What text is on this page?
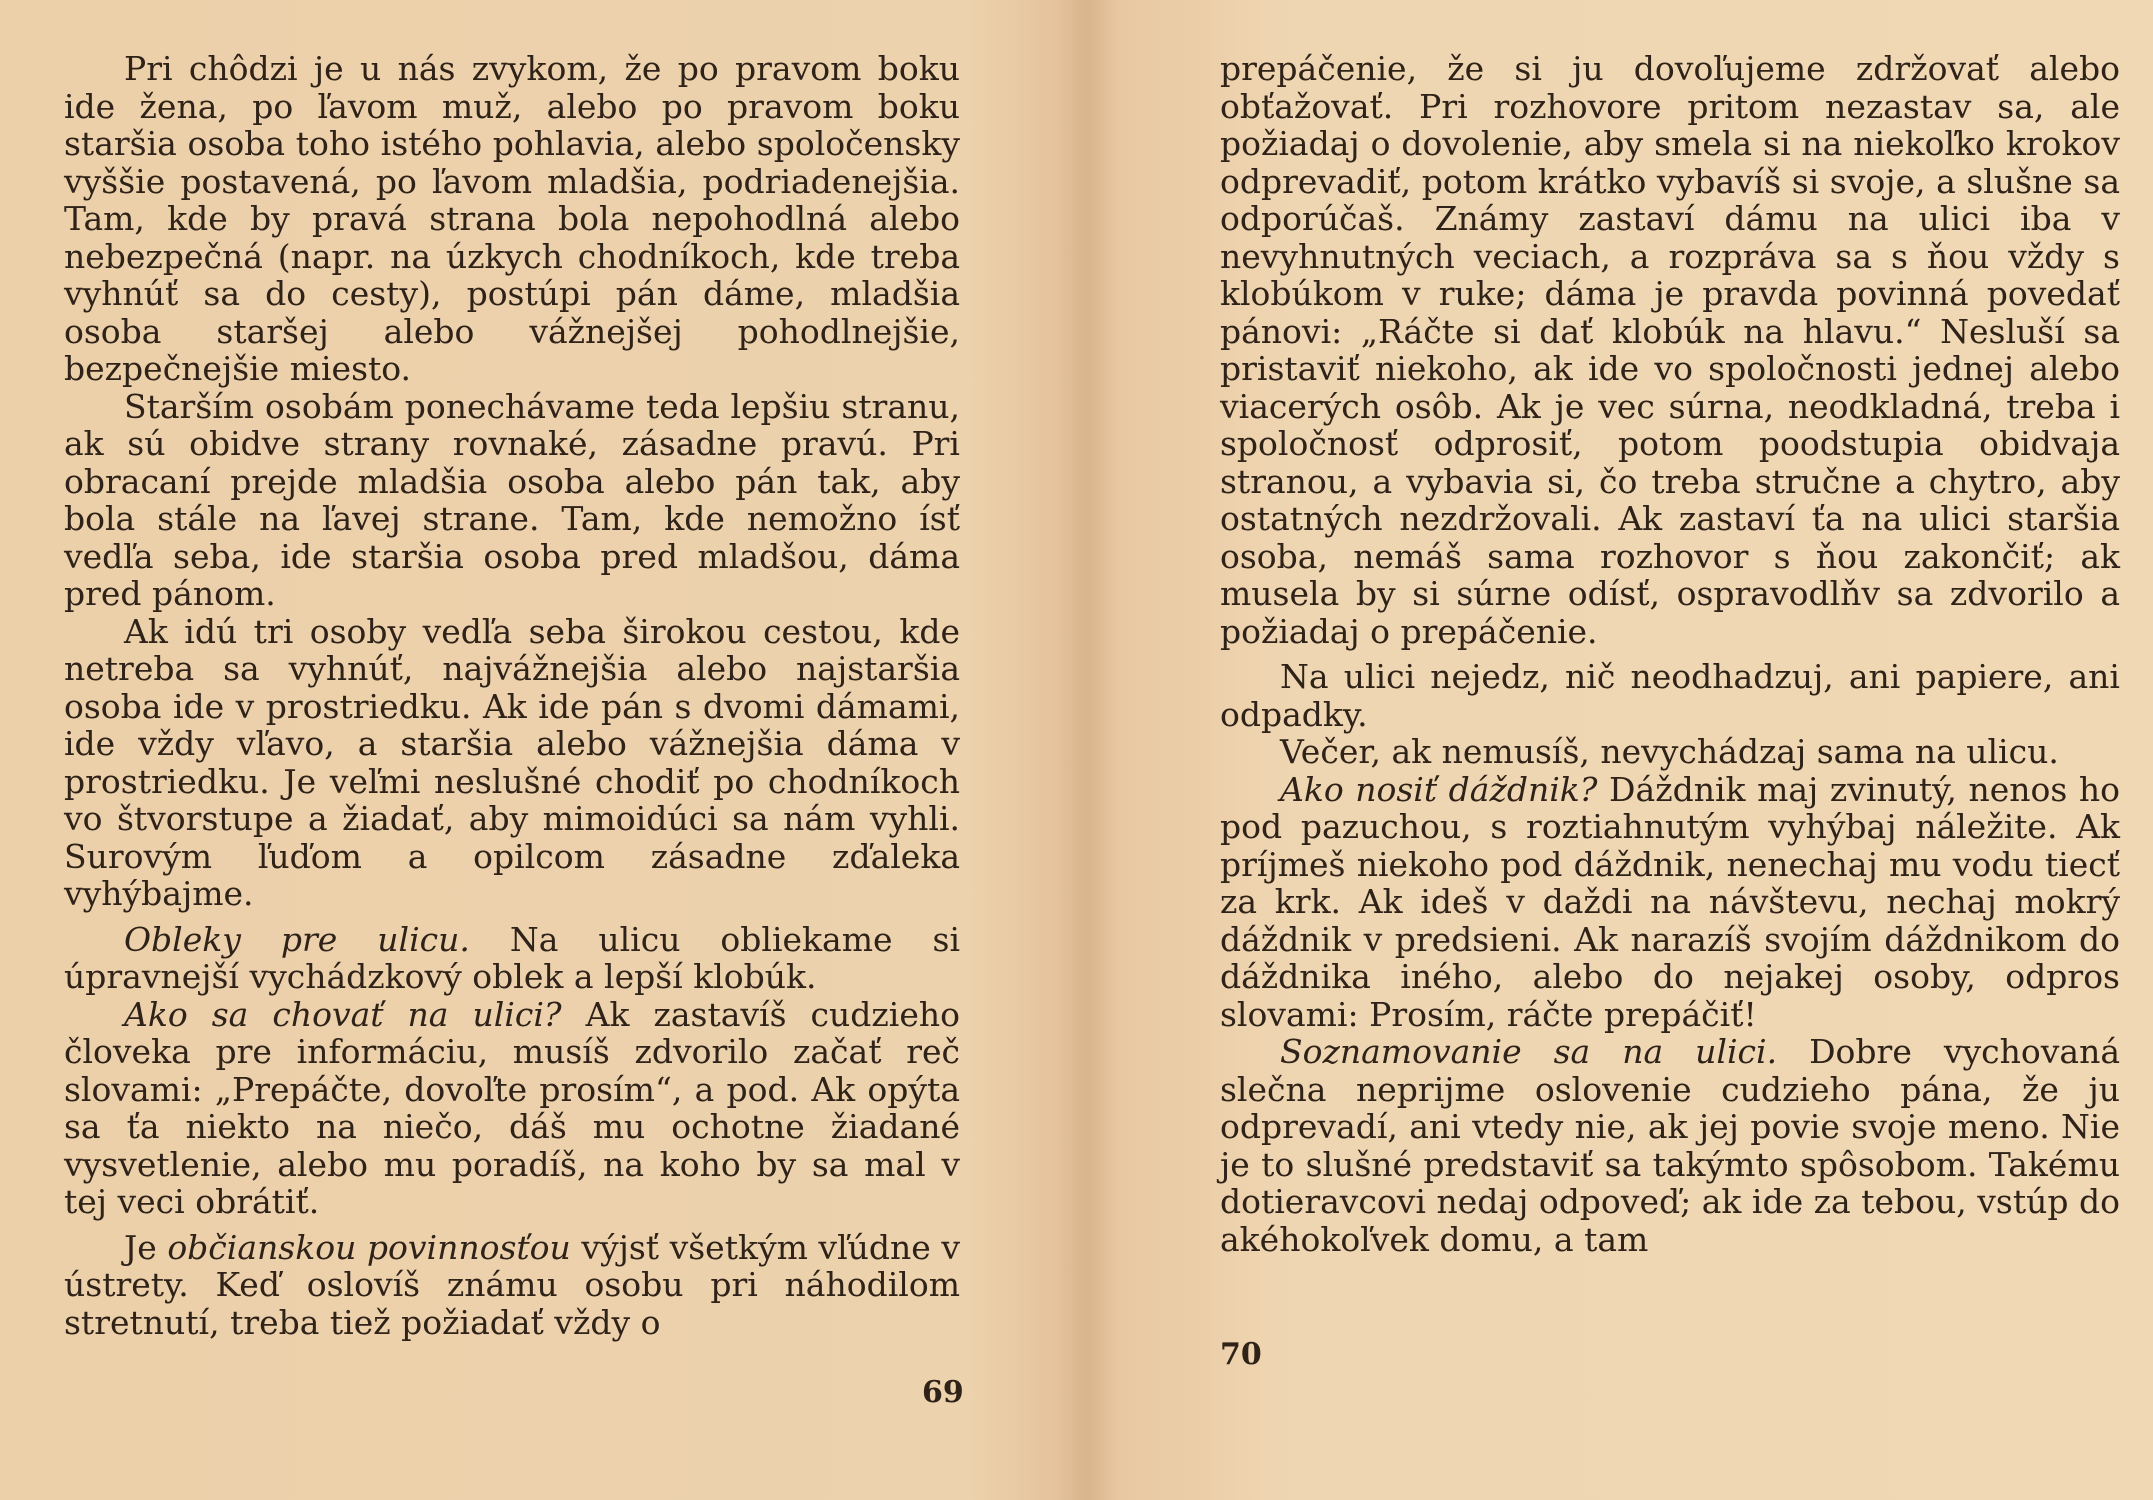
Pri chôdzi je u nás zvykom, že po pravom boku ide žena, po ľavom muž, alebo po pravom boku staršia osoba toho istého pohlavia, alebo spoločensky vyššie postavená, po ľavom mladšia, podriadenejšia. Tam, kde by pravá strana bola nepohodlná alebo nebezpečná (napr. na úzkych chodníkoch, kde treba vyhnúť sa do cesty), postúpi pán dáme, mladšia osoba staršej alebo vážnejšej pohodlnejšie, bezpečnejšie miesto.

Starším osobám ponechávame teda lepšiu stranu, ak sú obidve strany rovnaké, zásadne pravú. Pri obracaní prejde mladšia osoba alebo pán tak, aby bola stále na ľavej strane. Tam, kde nemožno ísť vedľa seba, ide staršia osoba pred mladšou, dáma pred pánom.

Ak idú tri osoby vedľa seba širokou cestou, kde netreba sa vyhnúť, najvážnejšia alebo najstaršia osoba ide v prostriedku. Ak ide pán s dvomi dámami, ide vždy vľavo, a staršia alebo vážnejšia dáma v prostriedku. Je veľmi neslušné chodiť po chodníkoch vo štvorstupe a žiadať, aby mimoidúci sa nám vyhli. Surovým ľuďom a opilcom zásadne zďaleka vyhýbajme.

Obleky pre ulicu. Na ulicu obliekame si úpravnejší vychádzkový oblek a lepší klobúk.

Ako sa chovať na ulici? Ak zastavíš cudzieho človeka pre informáciu, musíš zdvorilo začať reč slovami: „Prepáčte, dovoľte prosím“, a pod. Ak opýta sa ťa niekto na niečo, dáš mu ochotne žiadané vysvetlenie, alebo mu poradíš, na koho by sa mal v tej veci obrátiť.

Je občianskou povinnosťou výjsť všetkým vľúdne v ústrety. Keď oslovíš známu osobu pri náhodilom stretnutí, treba tiež požiadať vždy o

69

prepáčenie, že si ju dovoľujeme zdržovať alebo obťažovať. Pri rozhovore pritom nezastav sa, ale požiadaj o dovolenie, aby smela si na niekoľko krokov odprevadiť, potom krátko vybavíš si svoje, a slušne sa odporúčaš. Známy zastaví dámu na ulici iba v nevyhnutných veciach, a rozpráva sa s ňou vždy s klobúkom v ruke; dáma je pravda povinná povedať pánovi: „Ráčte si dať klobúk na hlavu.“ Nesluší sa pristaviť niekoho, ak ide vo spoločnosti jednej alebo viacerých osôb. Ak je vec súrna, neodkladná, treba i spoločnosť odprosiť, potom poodstupia obidvaja stranou, a vybavia si, čo treba stručne a chytro, aby ostatných nezdržovali. Ak zastaví ťa na ulici staršia osoba, nemáš sama rozhovor s ňou zakončiť; ak musela by si súrne odísť, ospravodlňv sa zdvorilo a požiadaj o prepáčenie.

Na ulici nejedz, nič neodhadzuj, ani papiere, ani odpadky.

Večer, ak nemusíš, nevychádzaj sama na ulicu.

Ako nosiť dáždnik? Dáždnik maj zvinutý, nenos ho pod pazuchou, s roztiahnutým vyhýbaj náležite. Ak príjmeš niekoho pod dáždnik, nenechaj mu vodu tiecť za krk. Ak ideš v daždi na návštevu, nechaj mokrý dáždnik v predsieni. Ak narazíš svojím dáždnikom do dáždnika iného, alebo do nejakej osoby, odpros slovami: Prosím, ráčte prepáčiť!

Soznamovanie sa na ulici. Dobre vychovaná slečna neprijme oslovenie cudzieho pána, že ju odprevadí, ani vtedy nie, ak jej povie svoje meno. Nie je to slušné predstaviť sa takýmto spôsobom. Takému dotieravcovi nedaj odpoveď; ak ide za tebou, vstúp do akéhokoľvek domu, a tam

70
